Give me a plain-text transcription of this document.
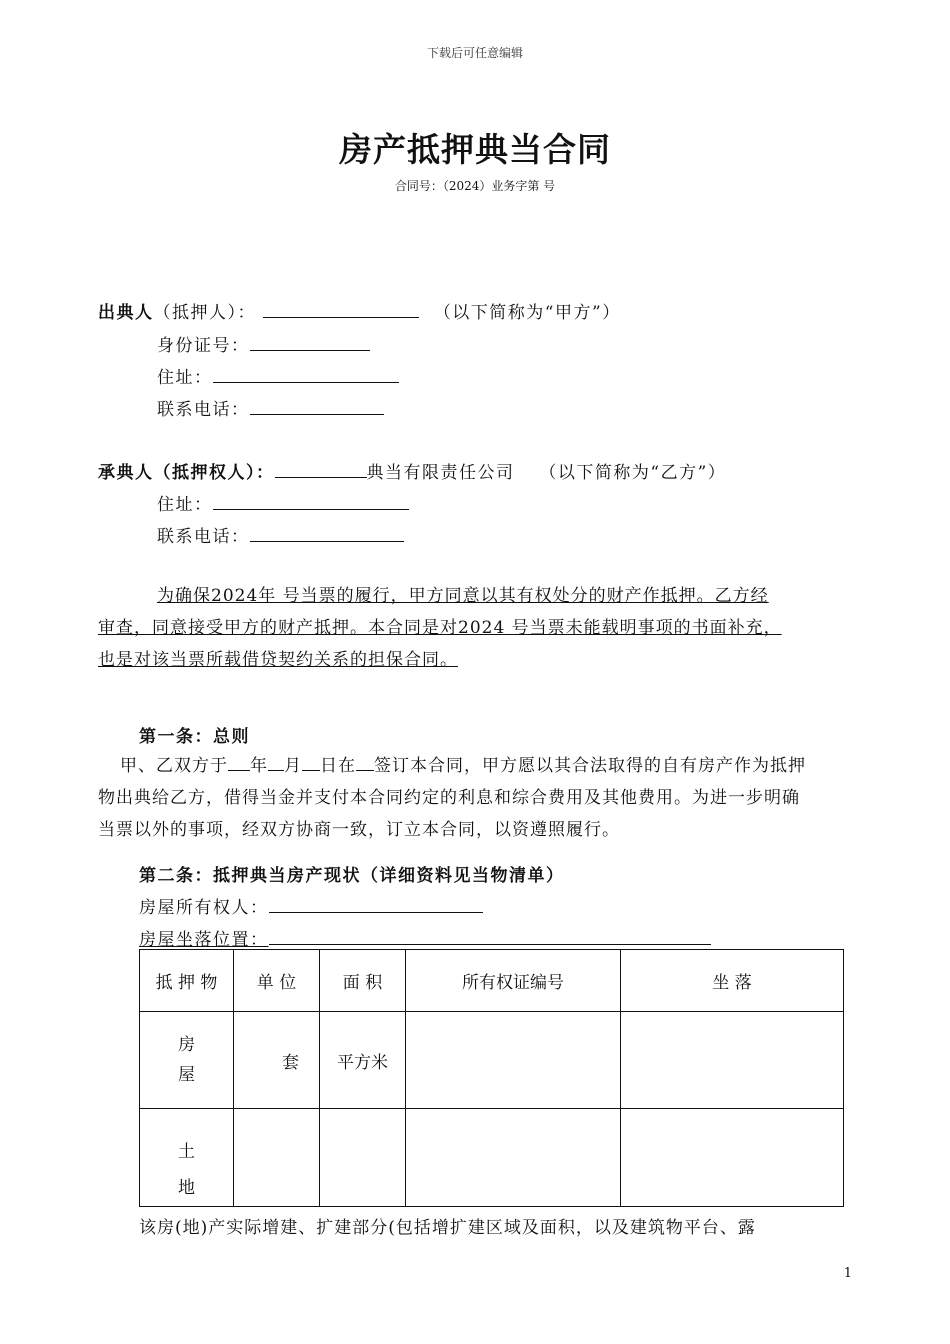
下载后可任意编辑
房产抵押典当合同
合同号：（2024）业务字第 号
出典人（抵押人）：	（以下简称为“甲方”）
身份证号：
住址：
联系电话：
承典人（抵押权人）：	典当有限责任公司 （以下简称为“乙方”）
住址：
联系电话：
为确保2024年 号当票的履行，甲方同意以其有权处分的财产作抵押。乙方经
审查，同意接受甲方的财产抵押。本合同是对2024 号当票未能载明事项的书面补充，
也是对该当票所载借贷契约关系的担保合同。
第一条：总则
甲、乙双方于 年 月 日在 签订本合同，甲方愿以其合法取得的自有房产作为抵押
物出典给乙方，借得当金并支付本合同约定的利息和综合费用及其他费用。为进一步明确
当票以外的事项，经双方协商一致，订立本合同，以资遵照履行。
第二条：抵押典当房产现状（详细资料见当物清单）
房屋所有权人：
房屋坐落位置：
抵 押 物	单 位	面 积	所有权证编号	坐 落

房
屋	套	平方米		

土
地				

该房(地)产实际增建、扩建部分(包括增扩建区域及面积，以及建筑物平台、露
1
